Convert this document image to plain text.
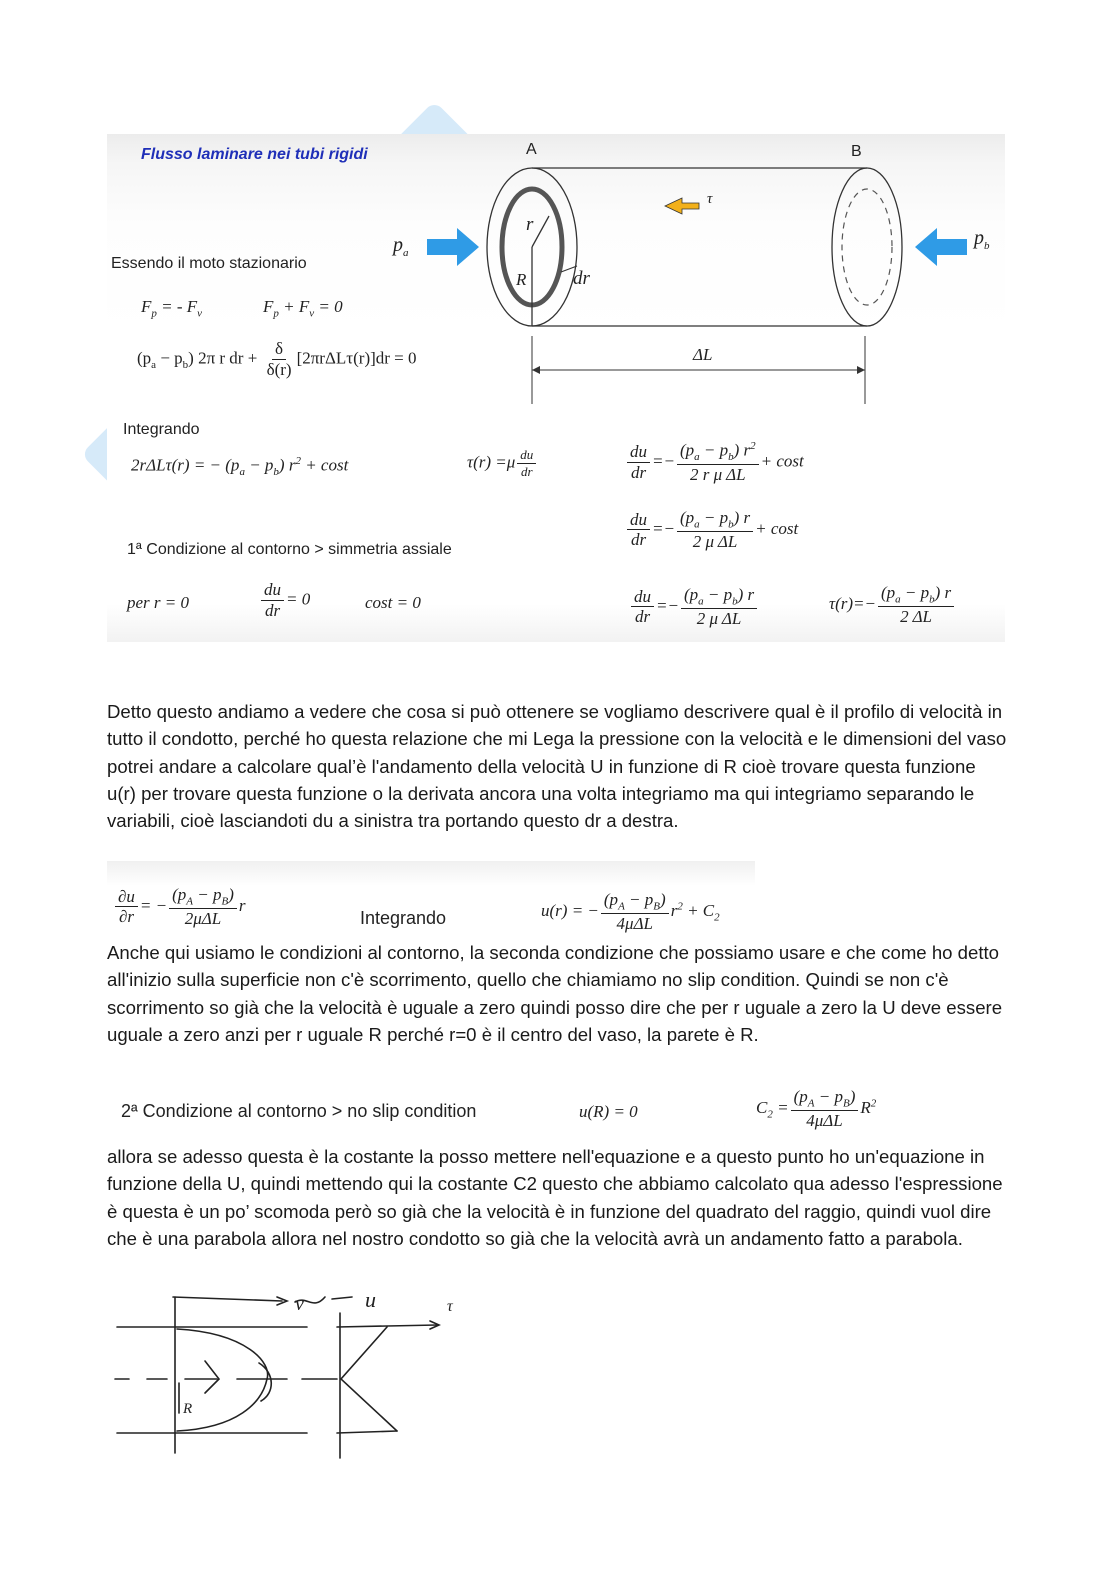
Flusso laminare nei tubi rigidi	A	B
$p_a$
$p_b$
τ
r
R dr
ΔL
Essendo il moto stazionario
$F_p$ = - $F_v$	$F_p + F_v = 0$
$(p_a - p_b)$ 2π r dr + $\frac{\delta}{\delta(r)} [2\pi r\Delta L\tau(r)]dr = 0$
Integrando
2rΔLτ(r) = − $(p_a - p_b) r^2 + \cos t$	$\tau(r) =\mu \frac{du}{dr}$	$\frac{du}{dr} =- \frac{(p_a - p_b) r^2}{\text{2 r μ ΔL}} + \cos t$
$\frac{du}{dr} =- \frac{(p_a - p_b) r}{\text{2 μ ΔL}} + \cos t$
1ª Condizione al contorno > simmetria assiale
per r = 0	$\frac{du}{dr} = 0$	cost = 0	$\frac{du}{dr} =- \frac{(p_a - p_b) r}{\text{2 μ ΔL}}$	$\tau(r)=- \frac{(p_a - p_b) r}{2 \Delta L}$
Detto questo andiamo a vedere che cosa si può ottenere se vogliamo descrivere qual è il profilo di velocità in tutto il condotto, perché ho questa relazione che mi Lega la pressione con la velocità e le dimensioni del vaso potrei andare a calcolare qual’è l'andamento della velocità U in funzione di R cioè trovare questa funzione u(r) per trovare questa funzione o la derivata ancora una volta integriamo ma qui integriamo separando le variabili, cioè lasciandoti du a sinistra tra portando questo dr a destra.
$\frac{\partial u}{\partial r}$ = − $\frac{(p_A - p_B)}{\text{2μΔL}}$ r
Integrando	u(r) = − $\frac{(p_A - p_B)}{\text{4μΔL}} r^2 + C_2$
Anche qui usiamo le condizioni al contorno, la seconda condizione che possiamo usare e che come ho detto all'inizio sulla superficie non c'è scorrimento, quello che chiamiamo no slip condition. Quindi se non c'è scorrimento so già che la velocità è uguale a zero quindi posso dire che per r uguale a zero la U deve essere uguale a zero anzi per r uguale R perché r=0 è il centro del vaso, la parete è R.
2ª Condizione al contorno > no slip condition	u(R) = 0	$C_2 = \frac{(p_A - p_B)}{\text{4μΔL}} R^2$
allora se adesso questa è la costante la posso mettere nell'equazione e a questo punto ho un'equazione in funzione della U, quindi mettendo qui la costante C2 questo che abbiamo calcolato qua adesso l'espressione è questa è un po’ scomoda però so già che la velocità è in funzione del quadrato del raggio, quindi vuol dire che è una parabola allora nel nostro condotto so già che la velocità avrà un andamento fatto a parabola.
v	u	τ
R
